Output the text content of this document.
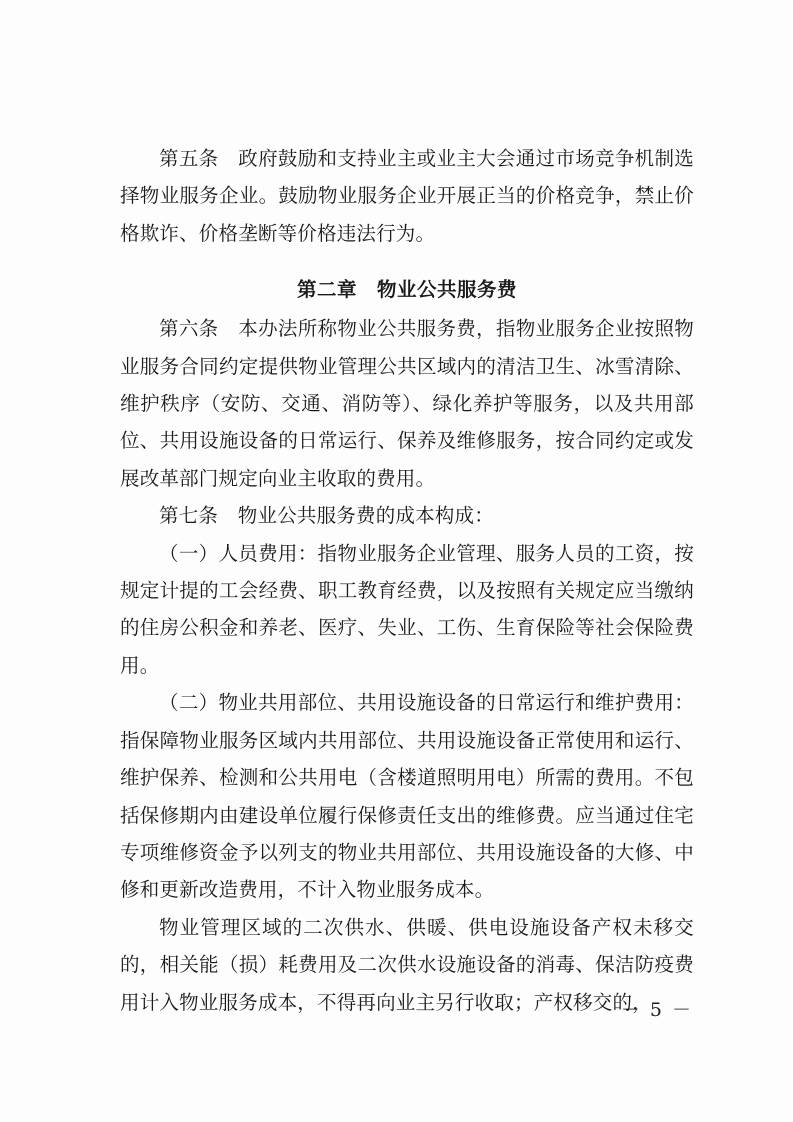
第五条　政府鼓励和支持业主或业主大会通过市场竞争机制选择物业服务企业。鼓励物业服务企业开展正当的价格竞争，禁止价格欺诈、价格垄断等价格违法行为。

第二章　物业公共服务费

第六条　本办法所称物业公共服务费，指物业服务企业按照物业服务合同约定提供物业管理公共区域内的清洁卫生、冰雪清除、维护秩序（安防、交通、消防等）、绿化养护等服务，以及共用部位、共用设施设备的日常运行、保养及维修服务，按合同约定或发展改革部门规定向业主收取的费用。

第七条　物业公共服务费的成本构成：

（一）人员费用：指物业服务企业管理、服务人员的工资，按规定计提的工会经费、职工教育经费，以及按照有关规定应当缴纳的住房公积金和养老、医疗、失业、工伤、生育保险等社会保险费用。

（二）物业共用部位、共用设施设备的日常运行和维护费用：指保障物业服务区域内共用部位、共用设施设备正常使用和运行、维护保养、检测和公共用电（含楼道照明用电）所需的费用。不包括保修期内由建设单位履行保修责任支出的维修费。应当通过住宅专项维修资金予以列支的物业共用部位、共用设施设备的大修、中修和更新改造费用，不计入物业服务成本。

物业管理区域的二次供水、供暖、供电设施设备产权未移交的，相关能（损）耗费用及二次供水设施设备的消毒、保洁防疫费用计入物业服务成本，不得再向业主另行收取；产权移交的，

－ 5 －
